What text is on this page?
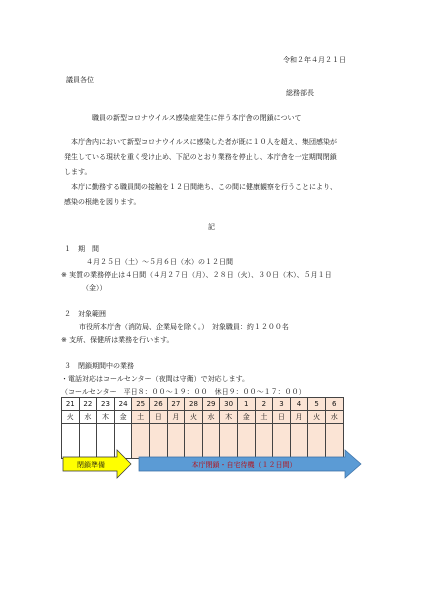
令和２年４月２１日
議員各位
総務部長
職員の新型コロナウイルス感染症発生に伴う本庁舎の閉鎖について
本庁舎内において新型コロナウイルスに感染した者が既に１０人を超え、集団感染が
発生している現状を重く受け止め、下記のとおり業務を停止し、本庁舎を一定期間閉鎖
します。
本庁に勤務する職員間の接触を１２日間絶ち、この間に健康観察を行うことにより、
感染の根絶を図ります。
記
１　期　間
４月２５日（土）～５月６日（水）の１２日間
※ 実質の業務停止は４日間（４月２７日（月）、２８日（火）、３０日（木）、５月１日
（金））
２　対象範囲
市役所本庁舎（消防局、企業局を除く。）　対象職員：約１２００名
※ 支所、保健所は業務を行います。
３　閉鎖期間中の業務
・電話対応はコールセンター（夜間は守衛）で対応します。
（コールセンター　平日８：００～１９：００　休日９：００～１７：００）
21	22	23	24	25	26	27	28	29	30	1	2	3	4	5	6
火	水	木	金	土	日	月	火	水	木	金	土	日	月	火	水

閉鎖準備	本庁閉鎖・自宅待機（１２日間）
